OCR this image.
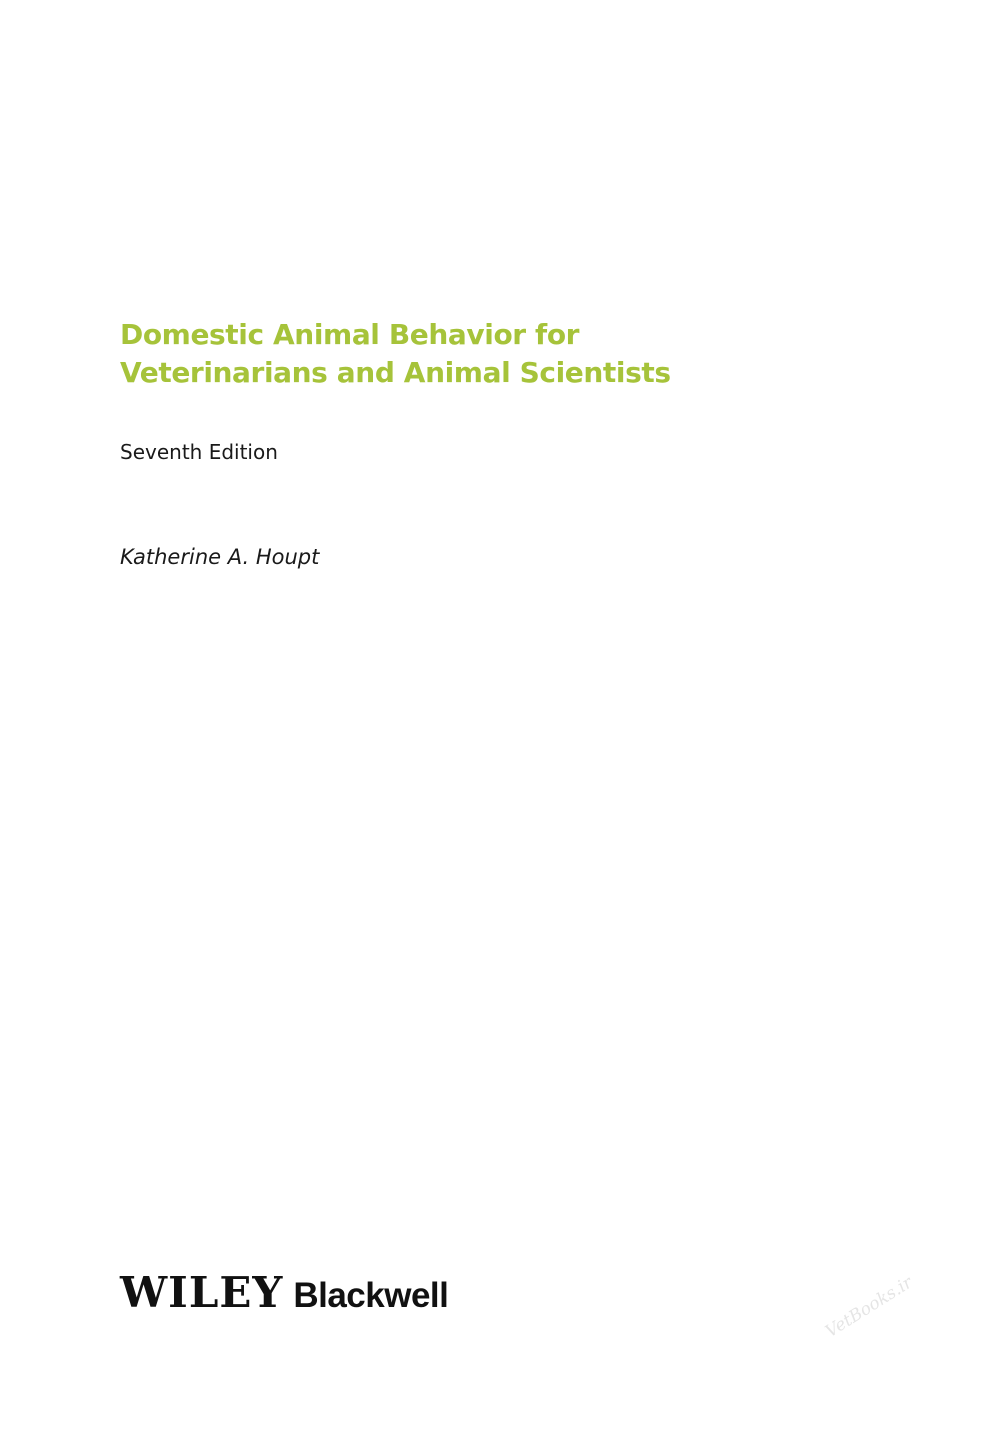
Domestic Animal Behavior for
Veterinarians and Animal Scientists
Seventh Edition
Katherine A. Houpt
WILEY Blackwell	VetBooks.ir
